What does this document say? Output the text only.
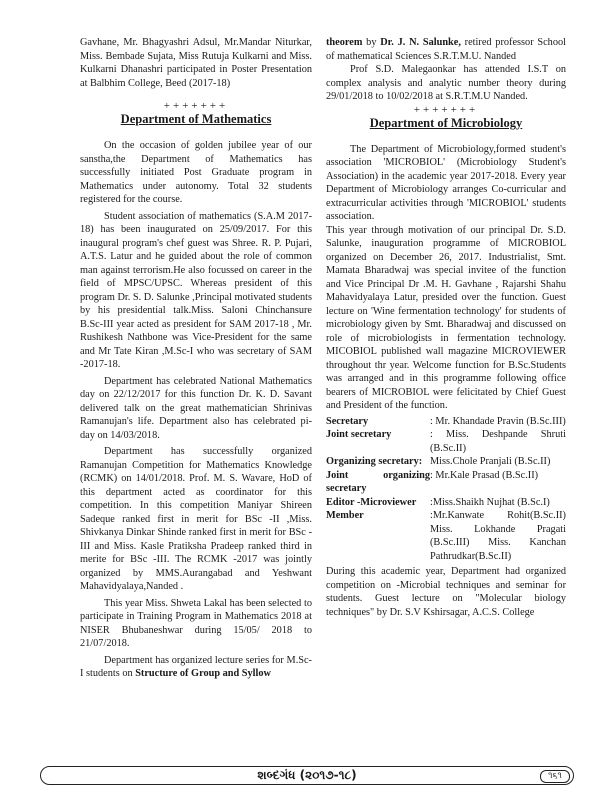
Gavhane, Mr. Bhagyashri Adsul, Mr.Mandar Niturkar, Miss. Bembade Sujata, Miss Rutuja Kulkarni and Miss. Kulkarni Dhanashri participated in Poster Presentation at Balbhim College, Beed (2017-18)

+++++++

Department of Mathematics

On the occasion of golden jubilee year of our sanstha,the Department of Mathematics has successfully initiated Post Graduate program in Mathematics under autonomy. Total 32 students registered for the course.

Student association of mathematics (S.A.M 2017-18) has been inaugurated on 25/09/2017. For this inaugural program's chef guest was Shree. R. P. Pujari, A.T.S. Latur and he guided about the role of common man against terrorism.He also focussed on career in the field of MPSC/UPSC. Whereas president of this program Dr. S. D. Salunke ,Principal motivated students by his presidential talk.Miss. Saloni Chinchansure B.Sc-III year acted as president for SAM 2017-18 , Mr. Rushikesh Nathbone was Vice-President for the same and Mr Tate Kiran ,M.Sc-I who was secretary of SAM -2017-18.

Department has celebrated National Mathematics day on 22/12/2017 for this function Dr. K. D. Savant delivered talk on the great mathematician Shrinivas Ramanujan's life. Department also has celebrated pi-day on 14/03/2018.

Department has successfully organized Ramanujan Competition for Mathematics Knowledge (RCMK) on 14/01/2018. Prof. M. S. Wavare, HoD of this department acted as coordinator for this competition. In this competition Maniyar Shireen Sadeque ranked first in merit for BSc -II ,Miss. Shivkanya Dinkar Shinde ranked first in merit for BSc -III and Miss. Kasle Pratiksha Pradeep ranked third in merite for BSc -III. The RCMK -2017 was jointly organized by MMS.Aurangabad and Yeshwant Mahavidyalaya,Nanded .

This year Miss. Shweta Lakal has been selected to participate in Training Program in Mathematics 2018 at NISER Bhubaneshwar during 15/05/ 2018 to 21/07/2018.

Department has organized lecture series for M.Sc-I students on Structure of Group and Syllow

theorem by Dr. J. N. Salunke, retired professor School of mathematical Sciences S.R.T.M.U. Nanded

Prof S.D. Malegaonkar has attended I.S.T on complex analysis and analytic number theory during 29/01/2018 to 10/02/2018 at S.R.T.M.U Nanded.

+++++++

Department of Microbiology

The Department of Microbiology,formed student's association 'MICROBIOL' (Microbiology Student's Association) in the academic year 2017-2018. Every year Department of Microbiology arranges Co-curricular and extracurricular activities through 'MICROBIOL' students association.

This year through motivation of our principal Dr. S.D. Salunke, inauguration programme of MICROBIOL organized on December 26, 2017. Industrialist, Smt. Mamata Bharadwaj was special invitee of the function and Vice Principal Dr .M. H. Gavhane , Rajarshi Shahu Mahavidyalaya Latur, presided over the function. Guest lecture on 'Wine fermentation technology' for students of microbiology given by Smt. Bharadwaj and discussed on role of microbiologists in fermentation technology. MICOBIOL published wall magazine MICROVIEWER throughout thr year. Welcome function for B.Sc.Students was arranged and in this programme following office bearers of MICROBIOL were felicitated by Chief Guest and President of the function.

Secretary	: Mr. Khandade Pravin (B.Sc.III)
Joint secretary	: Miss. Deshpande Shruti (B.Sc.II)
Organizing secretary:	Miss.Chole Pranjali (B.Sc.II)
Joint organizing secretary	: Mr.Kale Prasad (B.Sc.II)
Editor -Microviewer	:Miss.Shaikh Nujhat (B.Sc.I)
Member	:Mr.Kanwate Rohit(B.Sc.II) Miss. Lokhande Pragati (B.Sc.III) Miss. Kanchan Pathrudkar(B.Sc.II)

During this academic year, Department had organized competition on -Microbial techniques and seminar for students. Guest lecture on "Molecular biology techniques" by Dr. S.V Kshirsagar, A.C.S. College

શબ્દગંધ (૨૦૧૭-૧૮)	૧૬૧
